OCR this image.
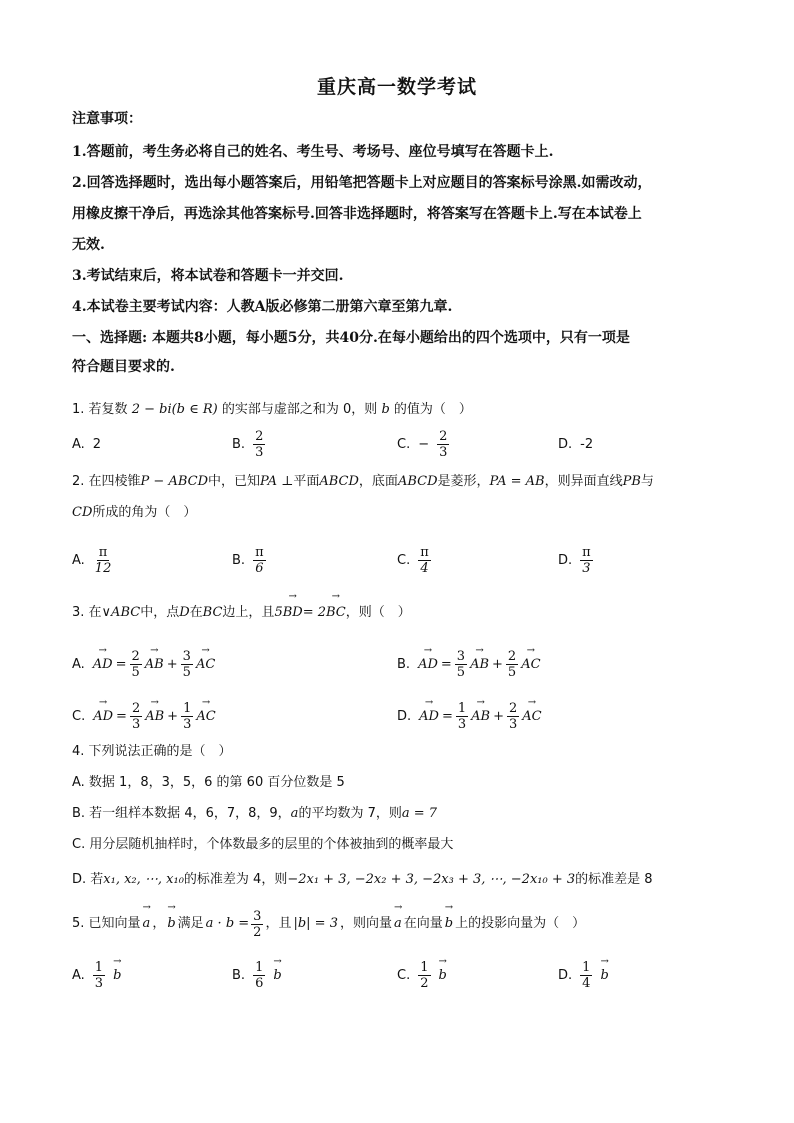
重庆高一数学考试
注意事项：
1.答题前，考生务必将自己的姓名、考生号、考场号、座位号填写在答题卡上.
2.回答选择题时，选出每小题答案后，用铅笔把答题卡上对应题目的答案标号涂黑.如需改动，
用橡皮擦干净后，再选涂其他答案标号.回答非选择题时，将答案写在答题卡上.写在本试卷上
无效.
3.考试结束后，将本试卷和答题卡一并交回.
4.本试卷主要考试内容：人教A版必修第二册第六章至第九章.
一、选择题: 本题共8小题，每小题5分，共40分.在每小题给出的四个选项中，只有一项是
符合题目要求的.
1. 若复数 2 − bi(b ∈ R) 的实部与虚部之和为 0，则 b 的值为（　）
A. 2	B. $\frac{2}{3}$	C. − $\frac{2}{3}$	D. -2
2. 在四棱锥P − ABCD中，已知PA ⊥平面ABCD，底面ABCD是菱形，PA = AB，则异面直线PB与
CD所成的角为（　）
A. $\frac{\pi}{12}$	B. $\frac{\pi}{6}$	C. $\frac{\pi}{4}$	D. $\frac{\pi}{3}$
3. 在∨ABC中，点D在BC边上，且5→ BD= 2→ BC，则（　）
A.
→ AD = $\frac{2}{5}$
→ AB + $\frac{3}{5}$
→ AC	B.
→ AD = $\frac{3}{5}$
→ AB + $\frac{2}{5}$
→ AC
C.
→ AD = $\frac{2}{3}$
→ AB + $\frac{1}{3}$
→ AC	D.
→ AD = $\frac{1}{3}$
→ AB + $\frac{2}{3}$
→ AC
4. 下列说法正确的是（　）
A. 数据 1，8，3，5，6 的第 60 百分位数是 5
B. 若一组样本数据 4，6，7，8，9，a的平均数为 7，则a = 7
C. 用分层随机抽样时，个体数最多的层里的个体被抽到的概率最大
D. 若x₁, x₂, ⋯, x₁₀的标准差为 4，则−2x₁ + 3, −2x₂ + 3, −2x₃ + 3, ⋯, −2x₁₀ + 3的标准差是 8
5. 已知向量
→ a ，
→ b 满足 $a \cdot b = \frac{3}{2}$ ，且 |b| = 3 ，则向量
→ a 在向量
→ b 上的投影向量为（　）
A. $\frac{1}{3}$
→ b	B. $\frac{1}{6}$
→ b	C. $\frac{1}{2}$
→ b	D. $\frac{1}{4}$
→ b
